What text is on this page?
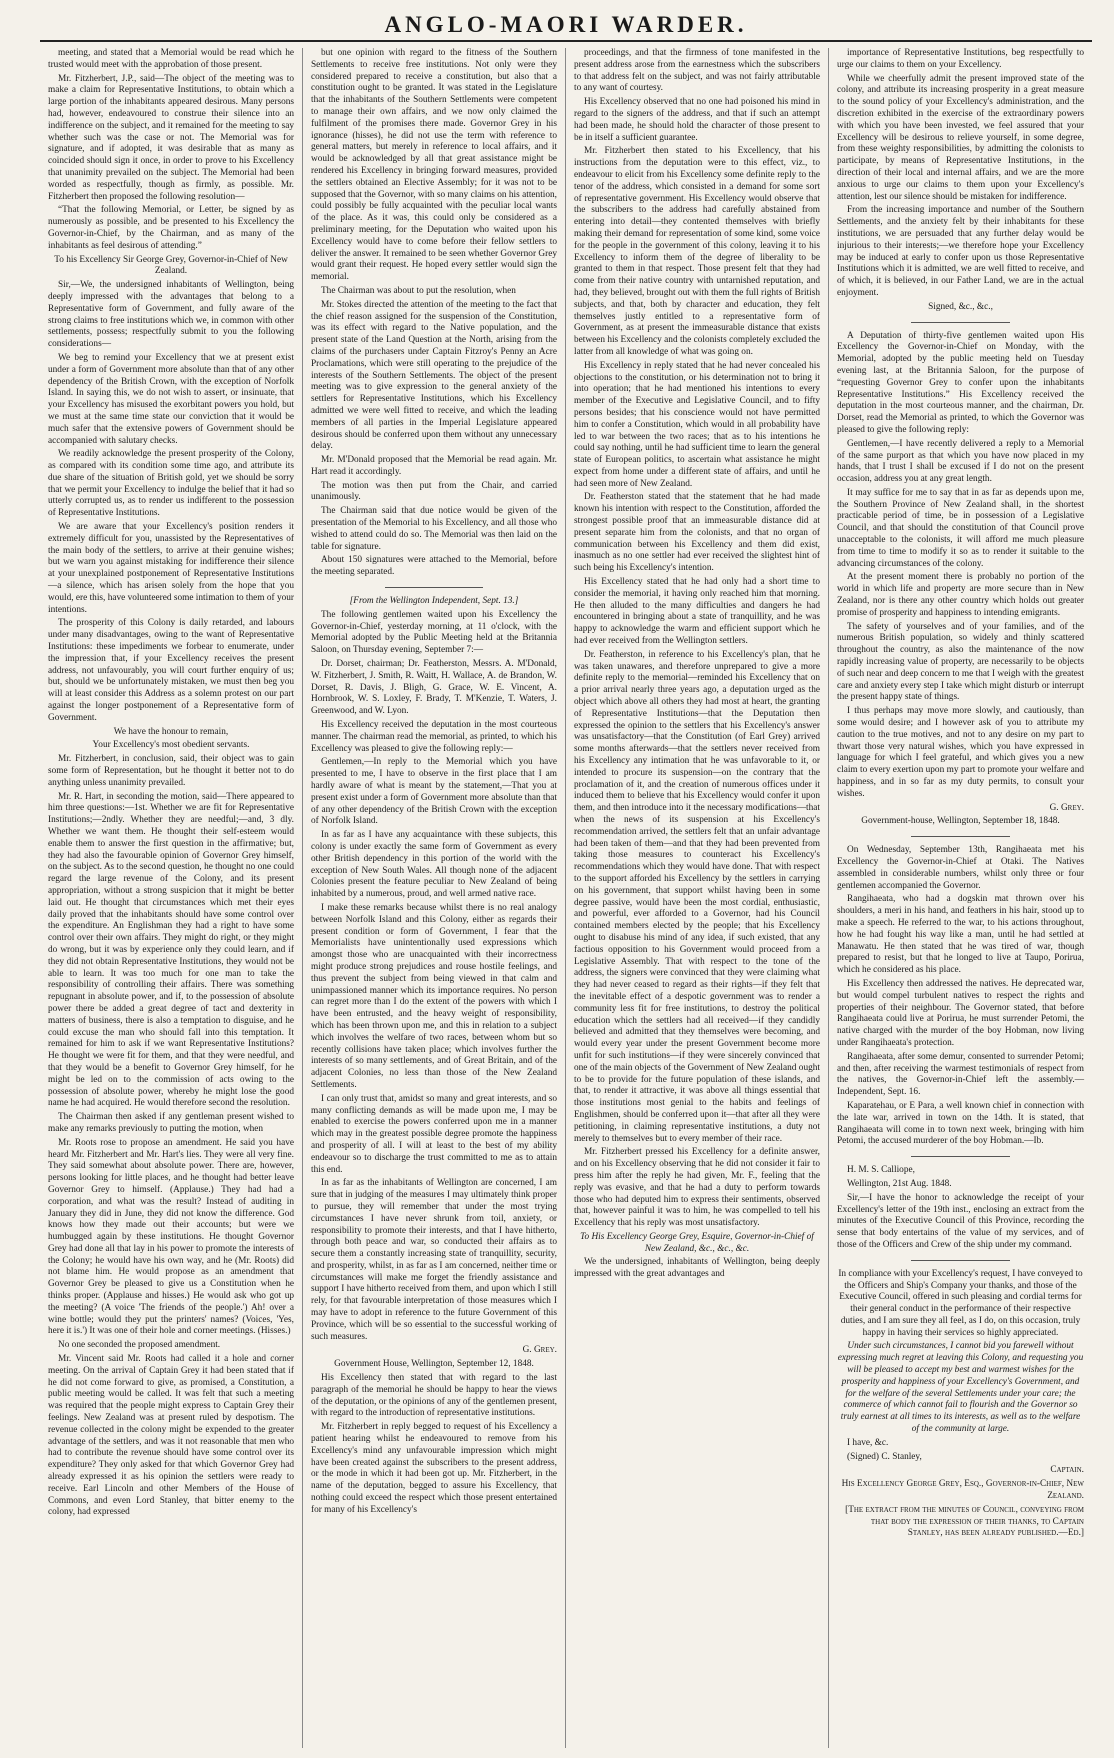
ANGLO-MAORI WARDER.

meeting, and stated that a Memorial would be read which he trusted would meet with the approbation of those present.

Mr. Fitzherbert, J.P., said—The object of the meeting was to make a claim for Representative Institutions, to obtain which a large portion of the inhabitants appeared desirous. Many persons had, however, endeavoured to construe their silence into an indifference on the subject, and it remained for the meeting to say whether such was the case or not. The Memorial was for signature, and if adopted, it was desirable that as many as coincided should sign it once, in order to prove to his Excellency that unanimity prevailed on the subject. The Memorial had been worded as respectfully, though as firmly, as possible. Mr. Fitzherbert then proposed the following resolution—

“That the following Memorial, or Letter, be signed by as numerously as possible, and be presented to his Excellency the Governor-in-Chief, by the Chairman, and as many of the inhabitants as feel desirous of attending.”

To his Excellency Sir George Grey, Governor-in-Chief of New Zealand.

Sir,—We, the undersigned inhabitants of Wellington, being deeply impressed with the advantages that belong to a Representative form of Government, and fully aware of the strong claims to free institutions which we, in common with other settlements, possess; respectfully submit to you the following considerations—

We beg to remind your Excellency that we at present exist under a form of Government more absolute than that of any other dependency of the British Crown, with the exception of Norfolk Island. In saying this, we do not wish to assert, or insinuate, that your Excellency has misused the exorbitant powers you hold, but we must at the same time state our conviction that it would be much safer that the extensive powers of Government should be accompanied with salutary checks.

We readily acknowledge the present prosperity of the Colony, as compared with its condition some time ago, and attribute its due share of the situation of British gold, yet we should be sorry that we permit your Excellency to indulge the belief that it had so utterly corrupted us, as to render us indifferent to the possession of Representative Institutions.

We are aware that your Excellency's position renders it extremely difficult for you, unassisted by the Representatives of the main body of the settlers, to arrive at their genuine wishes; but we warn you against mistaking for indifference their silence at your unexplained postponement of Representative Institutions—a silence, which has arisen solely from the hope that you would, ere this, have volunteered some intimation to them of your intentions.

The prosperity of this Colony is daily retarded, and labours under many disadvantages, owing to the want of Representative Institutions: these impediments we forbear to enumerate, under the impression that, if your Excellency receives the present address, not unfavourably, you will court further enquiry of us; but, should we be unfortunately mistaken, we must then beg you will at least consider this Address as a solemn protest on our part against the longer postponement of a Representative form of Government.

We have the honour to remain,

Your Excellency's most obedient servants.

Mr. Fitzherbert, in conclusion, said, their object was to gain some form of Representation, but he thought it better not to do anything unless unanimity prevailed.

Mr. R. Hart, in seconding the motion, said—There appeared to him three questions:—1st. Whether we are fit for Representative Institutions;—2ndly. Whether they are needful;—and, 3 dly. Whether we want them. He thought their self-esteem would enable them to answer the first question in the affirmative; but, they had also the favourable opinion of Governor Grey himself, on the subject. As to the second question, he thought no one could regard the large revenue of the Colony, and its present appropriation, without a strong suspicion that it might be better laid out. He thought that circumstances which met their eyes daily proved that the inhabitants should have some control over the expenditure. An Englishman they had a right to have some control over their own affairs. They might do right, or they might do wrong, but it was by experience only they could learn, and if they did not obtain Representative Institutions, they would not be able to learn. It was too much for one man to take the responsibility of controlling their affairs. There was something repugnant in absolute power, and if, to the possession of absolute power there be added a great degree of tact and dexterity in matters of business, there is also a temptation to disguise, and he could excuse the man who should fall into this temptation. It remained for him to ask if we want Representative Institutions? He thought we were fit for them, and that they were needful, and that they would be a benefit to Governor Grey himself, for he might be led on to the commission of acts owing to the possession of absolute power, whereby he might lose the good name he had acquired. He would therefore second the resolution.

The Chairman then asked if any gentleman present wished to make any remarks previously to putting the motion, when

Mr. Roots rose to propose an amendment. He said you have heard Mr. Fitzherbert and Mr. Hart's lies. They were all very fine. They said somewhat about absolute power. There are, however, persons looking for little places, and he thought had better leave Governor Grey to himself. (Applause.) They had had a corporation, and what was the result? Instead of auditing in January they did in June, they did not know the difference. God knows how they made out their accounts; but were we humbugged again by these institutions. He thought Governor Grey had done all that lay in his power to promote the interests of the Colony; he would have his own way, and he (Mr. Roots) did not blame him. He would propose as an amendment that Governor Grey be pleased to give us a Constitution when he thinks proper. (Applause and hisses.) He would ask who got up the meeting? (A voice 'The friends of the people.') Ah! over a wine bottle; would they put the printers' names? (Voices, 'Yes, here it is.') It was one of their hole and corner meetings. (Hisses.)

No one seconded the proposed amendment.

Mr. Vincent said Mr. Roots had called it a hole and corner meeting. On the arrival of Captain Grey it had been stated that if he did not come forward to give, as promised, a Constitution, a public meeting would be called. It was felt that such a meeting was required that the people might express to Captain Grey their feelings. New Zealand was at present ruled by despotism. The revenue collected in the colony might be expended to the greater advantage of the settlers, and was it not reasonable that men who had to contribute the revenue should have some control over its expenditure? They only asked for that which Governor Grey had already expressed it as his opinion the settlers were ready to receive. Earl Lincoln and other Members of the House of Commons, and even Lord Stanley, that bitter enemy to the colony, had expressed

but one opinion with regard to the fitness of the Southern Settlements to receive free institutions. Not only were they considered prepared to receive a constitution, but also that a constitution ought to be granted. It was stated in the Legislature that the inhabitants of the Southern Settlements were competent to manage their own affairs, and we now only claimed the fulfilment of the promises there made. Governor Grey in his ignorance (hisses), he did not use the term with reference to general matters, but merely in reference to local affairs, and it would be acknowledged by all that great assistance might be rendered his Excellency in bringing forward measures, provided the settlers obtained an Elective Assembly; for it was not to be supposed that the Governor, with so many claims on his attention, could possibly be fully acquainted with the peculiar local wants of the place. As it was, this could only be considered as a preliminary meeting, for the Deputation who waited upon his Excellency would have to come before their fellow settlers to deliver the answer. It remained to be seen whether Governor Grey would grant their request. He hoped every settler would sign the memorial.

The Chairman was about to put the resolution, when

Mr. Stokes directed the attention of the meeting to the fact that the chief reason assigned for the suspension of the Constitution, was its effect with regard to the Native population, and the present state of the Land Question at the North, arising from the claims of the purchasers under Captain Fitzroy's Penny an Acre Proclamations, which were still operating to the prejudice of the interests of the Southern Settlements. The object of the present meeting was to give expression to the general anxiety of the settlers for Representative Institutions, which his Excellency admitted we were well fitted to receive, and which the leading members of all parties in the Imperial Legislature appeared desirous should be conferred upon them without any unnecessary delay.

Mr. M'Donald proposed that the Memorial be read again. Mr. Hart read it accordingly.

The motion was then put from the Chair, and carried unanimously.

The Chairman said that due notice would be given of the presentation of the Memorial to his Excellency, and all those who wished to attend could do so. The Memorial was then laid on the table for signature.

About 150 signatures were attached to the Memorial, before the meeting separated.

[From the Wellington Independent, Sept. 13.]

The following gentlemen waited upon his Excellency the Governor-in-Chief, yesterday morning, at 11 o'clock, with the Memorial adopted by the Public Meeting held at the Britannia Saloon, on Thursday evening, September 7:—

Dr. Dorset, chairman; Dr. Featherston, Messrs. A. M'Donald, W. Fitzherbert, J. Smith, R. Waitt, H. Wallace, A. de Brandon, W. Dorset, R. Davis, J. Bligh, G. Grace, W. E. Vincent, A. Hornbrook, W. S. Loxley, F. Brady, T. M'Kenzie, T. Waters, J. Greenwood, and W. Lyon.

His Excellency received the deputation in the most courteous manner. The chairman read the memorial, as printed, to which his Excellency was pleased to give the following reply:—

Gentlemen,—In reply to the Memorial which you have presented to me, I have to observe in the first place that I am hardly aware of what is meant by the statement,—That you at present exist under a form of Government more absolute than that of any other dependency of the British Crown with the exception of Norfolk Island.

In as far as I have any acquaintance with these subjects, this colony is under exactly the same form of Government as every other British dependency in this portion of the world with the exception of New South Wales. All though none of the adjacent Colonies present the feature peculiar to New Zealand of being inhabited by a numerous, proud, and well armed native race.

I make these remarks because whilst there is no real analogy between Norfolk Island and this Colony, either as regards their present condition or form of Government, I fear that the Memorialists have unintentionally used expressions which amongst those who are unacquainted with their incorrectness might produce strong prejudices and rouse hostile feelings, and thus prevent the subject from being viewed in that calm and unimpassioned manner which its importance requires. No person can regret more than I do the extent of the powers with which I have been entrusted, and the heavy weight of responsibility, which has been thrown upon me, and this in relation to a subject which involves the welfare of two races, between whom but so recently collisions have taken place; which involves further the interests of so many settlements, and of Great Britain, and of the adjacent Colonies, no less than those of the New Zealand Settlements.

I can only trust that, amidst so many and great interests, and so many conflicting demands as will be made upon me, I may be enabled to exercise the powers conferred upon me in a manner which may in the greatest possible degree promote the happiness and prosperity of all. I will at least to the best of my ability endeavour so to discharge the trust committed to me as to attain this end.

In as far as the inhabitants of Wellington are concerned, I am sure that in judging of the measures I may ultimately think proper to pursue, they will remember that under the most trying circumstances I have never shrunk from toil, anxiety, or responsibility to promote their interests, and that I have hitherto, through both peace and war, so conducted their affairs as to secure them a constantly increasing state of tranquillity, security, and prosperity, whilst, in as far as I am concerned, neither time or circumstances will make me forget the friendly assistance and support I have hitherto received from them, and upon which I still rely, for that favourable interpretation of those measures which I may have to adopt in reference to the future Government of this Province, which will be so essential to the successful working of such measures.

G. Grey.

Government House, Wellington, September 12, 1848.

His Excellency then stated that with regard to the last paragraph of the memorial he should be happy to hear the views of the deputation, or the opinions of any of the gentlemen present, with regard to the introduction of representative institutions.

Mr. Fitzherbert in reply begged to request of his Excellency a patient hearing whilst he endeavoured to remove from his Excellency's mind any unfavourable impression which might have been created against the subscribers to the present address, or the mode in which it had been got up. Mr. Fitzherbert, in the name of the deputation, begged to assure his Excellency, that nothing could exceed the respect which those present entertained for many of his Excellency's

proceedings, and that the firmness of tone manifested in the present address arose from the earnestness which the subscribers to that address felt on the subject, and was not fairly attributable to any want of courtesy.

His Excellency observed that no one had poisoned his mind in regard to the signers of the address, and that if such an attempt had been made, he should hold the character of those present to be in itself a sufficient guarantee.

Mr. Fitzherbert then stated to his Excellency, that his instructions from the deputation were to this effect, viz., to endeavour to elicit from his Excellency some definite reply to the tenor of the address, which consisted in a demand for some sort of representative government. His Excellency would observe that the subscribers to the address had carefully abstained from entering into detail—they contented themselves with briefly making their demand for representation of some kind, some voice for the people in the government of this colony, leaving it to his Excellency to inform them of the degree of liberality to be granted to them in that respect. Those present felt that they had come from their native country with untarnished reputation, and had, they believed, brought out with them the full rights of British subjects, and that, both by character and education, they felt themselves justly entitled to a representative form of Government, as at present the immeasurable distance that exists between his Excellency and the colonists completely excluded the latter from all knowledge of what was going on.

His Excellency in reply stated that he had never concealed his objections to the constitution, or his determination not to bring it into operation; that he had mentioned his intentions to every member of the Executive and Legislative Council, and to fifty persons besides; that his conscience would not have permitted him to confer a Constitution, which would in all probability have led to war between the two races; that as to his intentions he could say nothing, until he had sufficient time to learn the general state of European politics, to ascertain what assistance he might expect from home under a different state of affairs, and until he had seen more of New Zealand.

Dr. Featherston stated that the statement that he had made known his intention with respect to the Constitution, afforded the strongest possible proof that an immeasurable distance did at present separate him from the colonists, and that no organ of communication between his Excellency and them did exist, inasmuch as no one settler had ever received the slightest hint of such being his Excellency's intention.

His Excellency stated that he had only had a short time to consider the memorial, it having only reached him that morning. He then alluded to the many difficulties and dangers he had encountered in bringing about a state of tranquillity, and he was happy to acknowledge the warm and efficient support which he had ever received from the Wellington settlers.

Dr. Featherston, in reference to his Excellency's plan, that he was taken unawares, and therefore unprepared to give a more definite reply to the memorial—reminded his Excellency that on a prior arrival nearly three years ago, a deputation urged as the object which above all others they had most at heart, the granting of Representative Institutions—that the Deputation then expressed the opinion to the settlers that his Excellency's answer was unsatisfactory—that the Constitution (of Earl Grey) arrived some months afterwards—that the settlers never received from his Excellency any intimation that he was unfavorable to it, or intended to procure its suspension—on the contrary that the proclamation of it, and the creation of numerous offices under it induced them to believe that his Excellency would confer it upon them, and then introduce into it the necessary modifications—that when the news of its suspension at his Excellency's recommendation arrived, the settlers felt that an unfair advantage had been taken of them—and that they had been prevented from taking those measures to counteract his Excellency's recommendations which they would have done. That with respect to the support afforded his Excellency by the settlers in carrying on his government, that support whilst having been in some degree passive, would have been the most cordial, enthusiastic, and powerful, ever afforded to a Governor, had his Council contained members elected by the people; that his Excellency ought to disabuse his mind of any idea, if such existed, that any factious opposition to his Government would proceed from a Legislative Assembly. That with respect to the tone of the address, the signers were convinced that they were claiming what they had never ceased to regard as their rights—if they felt that the inevitable effect of a despotic government was to render a community less fit for free institutions, to destroy the political education which the settlers had all received—if they candidly believed and admitted that they themselves were becoming, and would every year under the present Government become more unfit for such institutions—if they were sincerely convinced that one of the main objects of the Government of New Zealand ought to be to provide for the future population of these islands, and that, to render it attractive, it was above all things essential that those institutions most genial to the habits and feelings of Englishmen, should be conferred upon it—that after all they were petitioning, in claiming representative institutions, a duty not merely to themselves but to every member of their race.

Mr. Fitzherbert pressed his Excellency for a definite answer, and on his Excellency observing that he did not consider it fair to press him after the reply he had given, Mr. F., feeling that the reply was evasive, and that he had a duty to perform towards those who had deputed him to express their sentiments, observed that, however painful it was to him, he was compelled to tell his Excellency that his reply was most unsatisfactory.

To His Excellency George Grey, Esquire, Governor-in-Chief of New Zealand, &c., &c., &c.

We the undersigned, inhabitants of Wellington, being deeply impressed with the great advantages and

importance of Representative Institutions, beg respectfully to urge our claims to them on your Excellency.

While we cheerfully admit the present improved state of the colony, and attribute its increasing prosperity in a great measure to the sound policy of your Excellency's administration, and the discretion exhibited in the exercise of the extraordinary powers with which you have been invested, we feel assured that your Excellency will be desirous to relieve yourself, in some degree, from these weighty responsibilities, by admitting the colonists to participate, by means of Representative Institutions, in the direction of their local and internal affairs, and we are the more anxious to urge our claims to them upon your Excellency's attention, lest our silence should be mistaken for indifference.

From the increasing importance and number of the Southern Settlements, and the anxiety felt by their inhabitants for these institutions, we are persuaded that any further delay would be injurious to their interests;—we therefore hope your Excellency may be induced at early to confer upon us those Representative Institutions which it is admitted, we are well fitted to receive, and of which, it is believed, in our Father Land, we are in the actual enjoyment.

Signed, &c., &c.,

A Deputation of thirty-five gentlemen waited upon His Excellency the Governor-in-Chief on Monday, with the Memorial, adopted by the public meeting held on Tuesday evening last, at the Britannia Saloon, for the purpose of “requesting Governor Grey to confer upon the inhabitants Representative Institutions.” His Excellency received the deputation in the most courteous manner, and the chairman, Dr. Dorset, read the Memorial as printed, to which the Governor was pleased to give the following reply:

Gentlemen,—I have recently delivered a reply to a Memorial of the same purport as that which you have now placed in my hands, that I trust I shall be excused if I do not on the present occasion, address you at any great length.

It may suffice for me to say that in as far as depends upon me, the Southern Province of New Zealand shall, in the shortest practicable period of time, be in possession of a Legislative Council, and that should the constitution of that Council prove unacceptable to the colonists, it will afford me much pleasure from time to time to modify it so as to render it suitable to the advancing circumstances of the colony.

At the present moment there is probably no portion of the world in which life and property are more secure than in New Zealand, nor is there any other country which holds out greater promise of prosperity and happiness to intending emigrants.

The safety of yourselves and of your families, and of the numerous British population, so widely and thinly scattered throughout the country, as also the maintenance of the now rapidly increasing value of property, are necessarily to be objects of such near and deep concern to me that I weigh with the greatest care and anxiety every step I take which might disturb or interrupt the present happy state of things.

I thus perhaps may move more slowly, and cautiously, than some would desire; and I however ask of you to attribute my caution to the true motives, and not to any desire on my part to thwart those very natural wishes, which you have expressed in language for which I feel grateful, and which gives you a new claim to every exertion upon my part to promote your welfare and happiness, and in so far as my duty permits, to consult your wishes.

G. Grey.

Government-house, Wellington, September 18, 1848.

On Wednesday, September 13th, Rangihaeata met his Excellency the Governor-in-Chief at Otaki. The Natives assembled in considerable numbers, whilst only three or four gentlemen accompanied the Governor.

Rangihaeata, who had a dogskin mat thrown over his shoulders, a meri in his hand, and feathers in his hair, stood up to make a speech. He referred to the war, to his actions throughout, how he had fought his way like a man, until he had settled at Manawatu. He then stated that he was tired of war, though prepared to resist, but that he longed to live at Taupo, Porirua, which he considered as his place.

His Excellency then addressed the natives. He deprecated war, but would compel turbulent natives to respect the rights and properties of their neighbour. The Governor stated, that before Rangihaeata could live at Porirua, he must surrender Petomi, the native charged with the murder of the boy Hobman, now living under Rangihaeata's protection.

Rangihaeata, after some demur, consented to surrender Petomi; and then, after receiving the warmest testimonials of respect from the natives, the Governor-in-Chief left the assembly.—Independent, Sept. 16.

Kaparatehau, or E Para, a well known chief in connection with the late war, arrived in town on the 14th. It is stated, that Rangihaeata will come in to town next week, bringing with him Petomi, the accused murderer of the boy Hobman.—Ib.

H. M. S. Calliope,

Wellington, 21st Aug. 1848.

Sir,—I have the honor to acknowledge the receipt of your Excellency's letter of the 19th inst., enclosing an extract from the minutes of the Executive Council of this Province, recording the sense that body entertains of the value of my services, and of those of the Officers and Crew of the ship under my command.

In compliance with your Excellency's request, I have conveyed to the Officers and Ship's Company your thanks, and those of the Executive Council, offered in such pleasing and cordial terms for their general conduct in the performance of their respective duties, and I am sure they all feel, as I do, on this occasion, truly happy in having their services so highly appreciated.

Under such circumstances, I cannot bid you farewell without expressing much regret at leaving this Colony, and requesting you will be pleased to accept my best and warmest wishes for the prosperity and happiness of your Excellency's Government, and for the welfare of the several Settlements under your care; the commerce of which cannot fail to flourish and the Governor so truly earnest at all times to its interests, as well as to the welfare of the community at large.

I have, &c.

(Signed) C. Stanley,

Captain.

His Excellency George Grey, Esq., Governor-in-Chief, New Zealand.

[The extract from the minutes of Council, conveying from that body the expression of their thanks, to Captain Stanley, has been already published.—Ed.]
